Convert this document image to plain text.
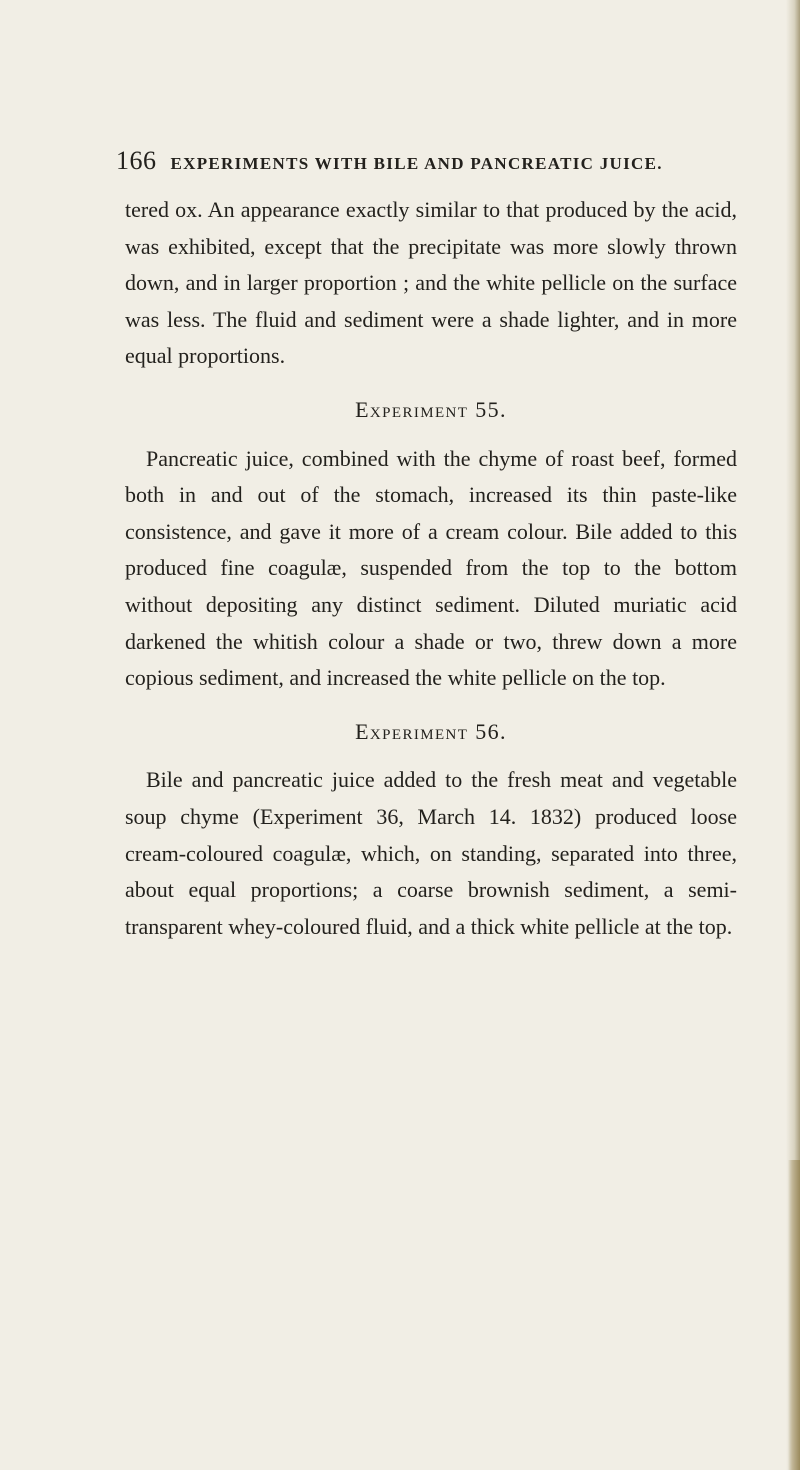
166 EXPERIMENTS WITH BILE AND PANCREATIC JUICE.

tered ox. An appearance exactly similar to that produced by the acid, was exhibited, except that the precipitate was more slowly thrown down, and in larger proportion ; and the white pellicle on the surface was less. The fluid and sediment were a shade lighter, and in more equal proportions.

Experiment 55.

Pancreatic juice, combined with the chyme of roast beef, formed both in and out of the stomach, increased its thin paste-like consistence, and gave it more of a cream colour. Bile added to this produced fine coagulæ, suspended from the top to the bottom without depositing any distinct sediment. Diluted muriatic acid darkened the whitish colour a shade or two, threw down a more copious sediment, and increased the white pellicle on the top.

Experiment 56.

Bile and pancreatic juice added to the fresh meat and vegetable soup chyme (Experiment 36, March 14. 1832) produced loose cream-coloured coagulæ, which, on standing, separated into three, about equal proportions; a coarse brownish sediment, a semi-transparent whey-coloured fluid, and a thick white pellicle at the top.
